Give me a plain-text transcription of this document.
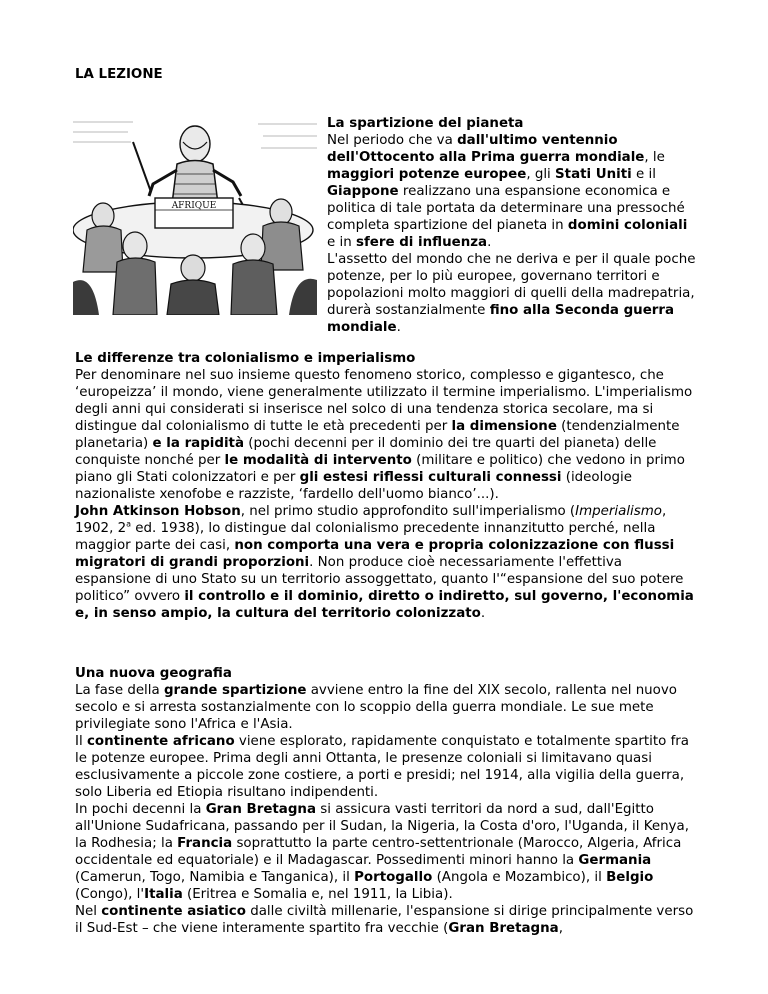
LA LEZIONE
AFRIQUE

La spartizione del pianeta

Nel periodo che va dall'ultimo ventennio dell'Ottocento alla Prima guerra mondiale, le maggiori potenze europee, gli Stati Uniti e il Giappone realizzano una espansione economica e politica di tale portata da determinare una pressoché completa spartizione del pianeta in domini coloniali e in sfere di influenza.

L'assetto del mondo che ne deriva e per il quale poche potenze, per lo più europee, governano territori e popolazioni molto maggiori di quelli della madrepatria, durerà sostanzialmente fino alla Seconda guerra mondiale.

Le differenze tra colonialismo e imperialismo

Per denominare nel suo insieme questo fenomeno storico, complesso e gigantesco, che ‘europeizza’ il mondo, viene generalmente utilizzato il termine imperialismo. L'imperialismo degli anni qui considerati si inserisce nel solco di una tendenza storica secolare, ma si distingue dal colonialismo di tutte le età precedenti per la dimensione (tendenzialmente planetaria) e la rapidità (pochi decenni per il dominio dei tre quarti del pianeta) delle conquiste nonché per le modalità di intervento (militare e politico) che vedono in primo piano gli Stati colonizzatori e per gli estesi riflessi culturali connessi (ideologie nazionaliste xenofobe e razziste, ‘fardello dell'uomo bianco’...).

John Atkinson Hobson, nel primo studio approfondito sull'imperialismo (Imperialismo, 1902, 2$^a$ ed. 1938), lo distingue dal colonialismo precedente innanzitutto perché, nella maggior parte dei casi, non comporta una vera e propria colonizzazione con flussi migratori di grandi proporzioni. Non produce cioè necessariamente l'effettiva espansione di uno Stato su un territorio assoggettato, quanto l'“espansione del suo potere politico” ovvero il controllo e il dominio, diretto o indiretto, sul governo, l'economia e, in senso ampio, la cultura del territorio colonizzato.

Una nuova geografia

La fase della grande spartizione avviene entro la fine del XIX secolo, rallenta nel nuovo secolo e si arresta sostanzialmente con lo scoppio della guerra mondiale. Le sue mete privilegiate sono l'Africa e l'Asia.

Il continente africano viene esplorato, rapidamente conquistato e totalmente spartito fra le potenze europee. Prima degli anni Ottanta, le presenze coloniali si limitavano quasi esclusivamente a piccole zone costiere, a porti e presidi; nel 1914, alla vigilia della guerra, solo Liberia ed Etiopia risultano indipendenti.

In pochi decenni la Gran Bretagna si assicura vasti territori da nord a sud, dall'Egitto all'Unione Sudafricana, passando per il Sudan, la Nigeria, la Costa d'oro, l'Uganda, il Kenya, la Rodhesia; la Francia soprattutto la parte centro-settentrionale (Marocco, Algeria, Africa occidentale ed equatoriale) e il Madagascar. Possedimenti minori hanno la Germania (Camerun, Togo, Namibia e Tanganica), il Portogallo (Angola e Mozambico), il Belgio (Congo), l'Italia (Eritrea e Somalia e, nel 1911, la Libia).

Nel continente asiatico dalle civiltà millenarie, l'espansione si dirige principalmente verso il Sud-Est – che viene interamente spartito fra vecchie (Gran Bretagna,
